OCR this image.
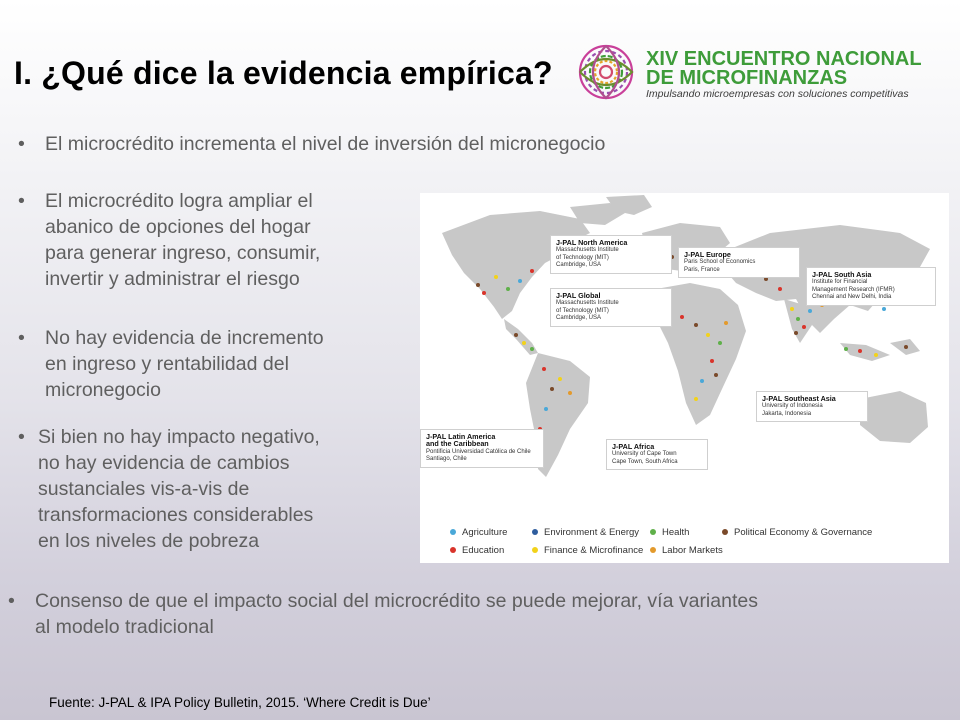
XIV ENCUENTRO NACIONAL
DE MICROFINANZAS
Impulsando microempresas con soluciones competitivas
I. ¿Qué dice la evidencia empírica?
•	El microcrédito incrementa el nivel de inversión del micronegocio
•	El microcrédito logra ampliar el
abanico de opciones del hogar
para generar ingreso, consumir,
invertir y administrar el riesgo
•	No hay evidencia de incremento
en ingreso y rentabilidad del
micronegocio
• Si bien no hay impacto negativo,
no hay evidencia de cambios
sustanciales vis-a-vis de
transformaciones considerables
en los niveles de pobreza
J-PAL North America
Massachusetts Institute
of Technology (MIT)
Cambridge, USA
J-PAL Europe
Paris School of Economics
Paris, France
J-PAL Global
Massachusetts Institute
of Technology (MIT)
Cambridge, USA
J-PAL South Asia
Institute for Financial
Management Research (IFMR)
Chennai and New Delhi, India
J-PAL Southeast Asia
University of Indonesia
Jakarta, Indonesia
J-PAL Latin America
and the Caribbean
Pontificia Universidad Católica de Chile
Santiago, Chile
J-PAL Africa
University of Cape Town
Cape Town, South Africa
Agriculture	Environment & Energy	Health	Political Economy & Governance
Education	Finance & Microfinance	Labor Markets
•	Consenso de que el impacto social del microcrédito se puede mejorar, vía variantes
al modelo tradicional
Fuente: J-PAL & IPA Policy Bulletin, 2015. ‘Where Credit is Due’
